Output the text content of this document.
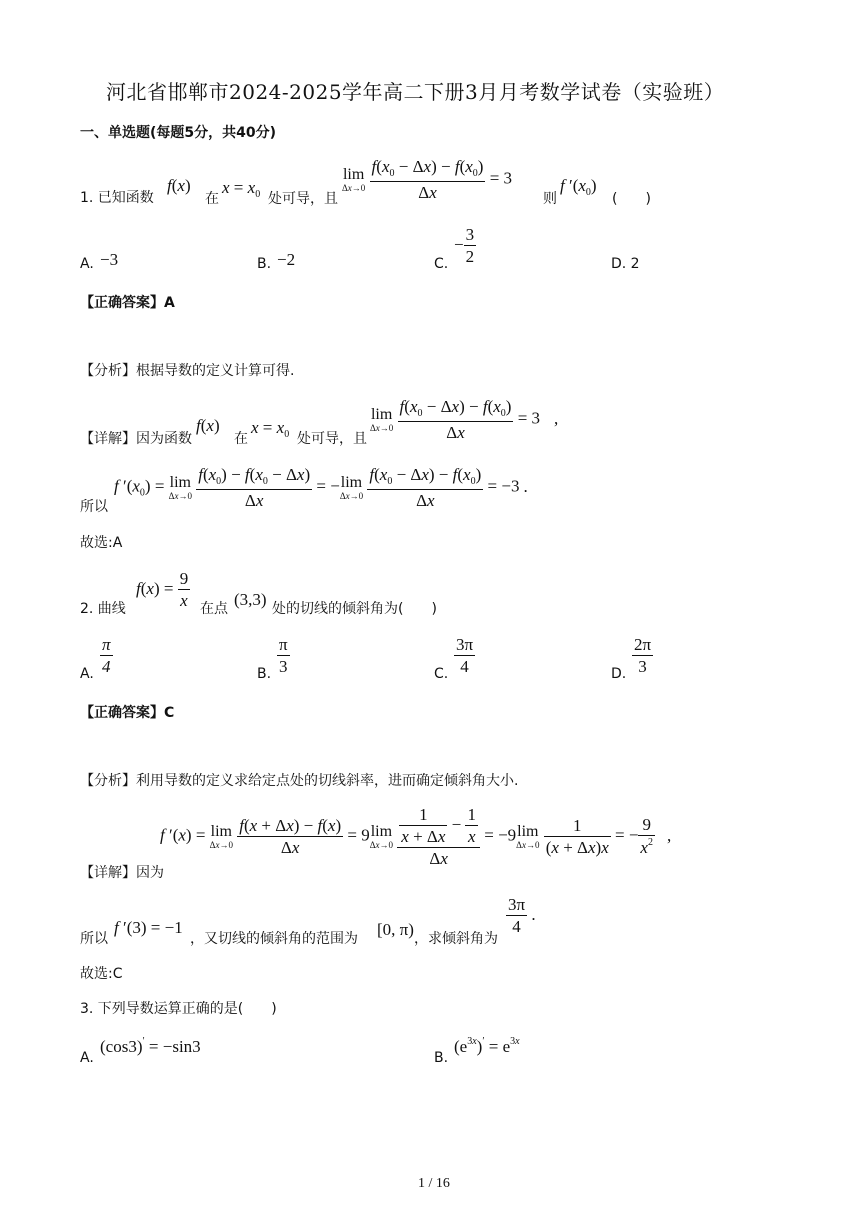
河北省邯郸市2024-2025学年高二下册3月月考数学试卷（实验班）
一、单选题(每题5分，共40分)
1. 已知函数
f(x)
在
$x = x_0$ 处可导，且
lim
Δx→0
$\frac{f(x_0 - \Delta x) - f(x_0)}{\Delta x} = 3$
则
f $'(x_0)$
(　　)
A. −3	B. −2	C.
− $\frac{3}{2}$	D. 2
【正确答案】A
【分析】根据导数的定义计算可得.
【详解】因为函数
f(x)
在
$x = x_0$ 处可导，且
lim
Δx→0
$\frac{f(x_0 - \Delta x) - f(x_0)}{\Delta x} = 3$ ,
所以
f $'(x_0) = \lim$
Δx→0
$\frac{f(x_0) - f(x_0 - \Delta x)}{\Delta x}$ = − lim
Δx→0
$\frac{f(x_0 - \Delta x) - f(x_0)}{\Delta x} = -3$ .
故选:A
2. 曲线
$f(x) = \frac{9}{x}$ 在点 (3,3) 处的切线的倾斜角为(　　)
A. $\frac{\pi}{4}$	B. $\frac{\pi}{3}$	C. $\frac{3\pi}{4}$	D. $\frac{2\pi}{3}$
【正确答案】C
【分析】利用导数的定义求给定点处的切线斜率，进而确定倾斜角大小.
【详解】因为
f ′(x) = lim
Δx→0
$\frac{f(x + \Delta x) - f(x)}{\Delta x} = 9$ lim
Δx→0
$\frac{\frac{1}{x + \Delta x} - \frac{1}{x}}{\Delta x} = -9$ lim
Δx→0
$\frac{1}{(x + \Delta x)x}$ = − $\frac{9}{x^2}$ ,
所以
f ′(3) = −1
，又切线的倾斜角的范围为 [0, π) ，求倾斜角为
$\frac{3\pi}{4}$ .
故选:C
3. 下列导数运算正确的是(　　)
A.
(cos3)′ = −sin3
B.
$(e^{3x})' = e^{3x}$
1 / 16
